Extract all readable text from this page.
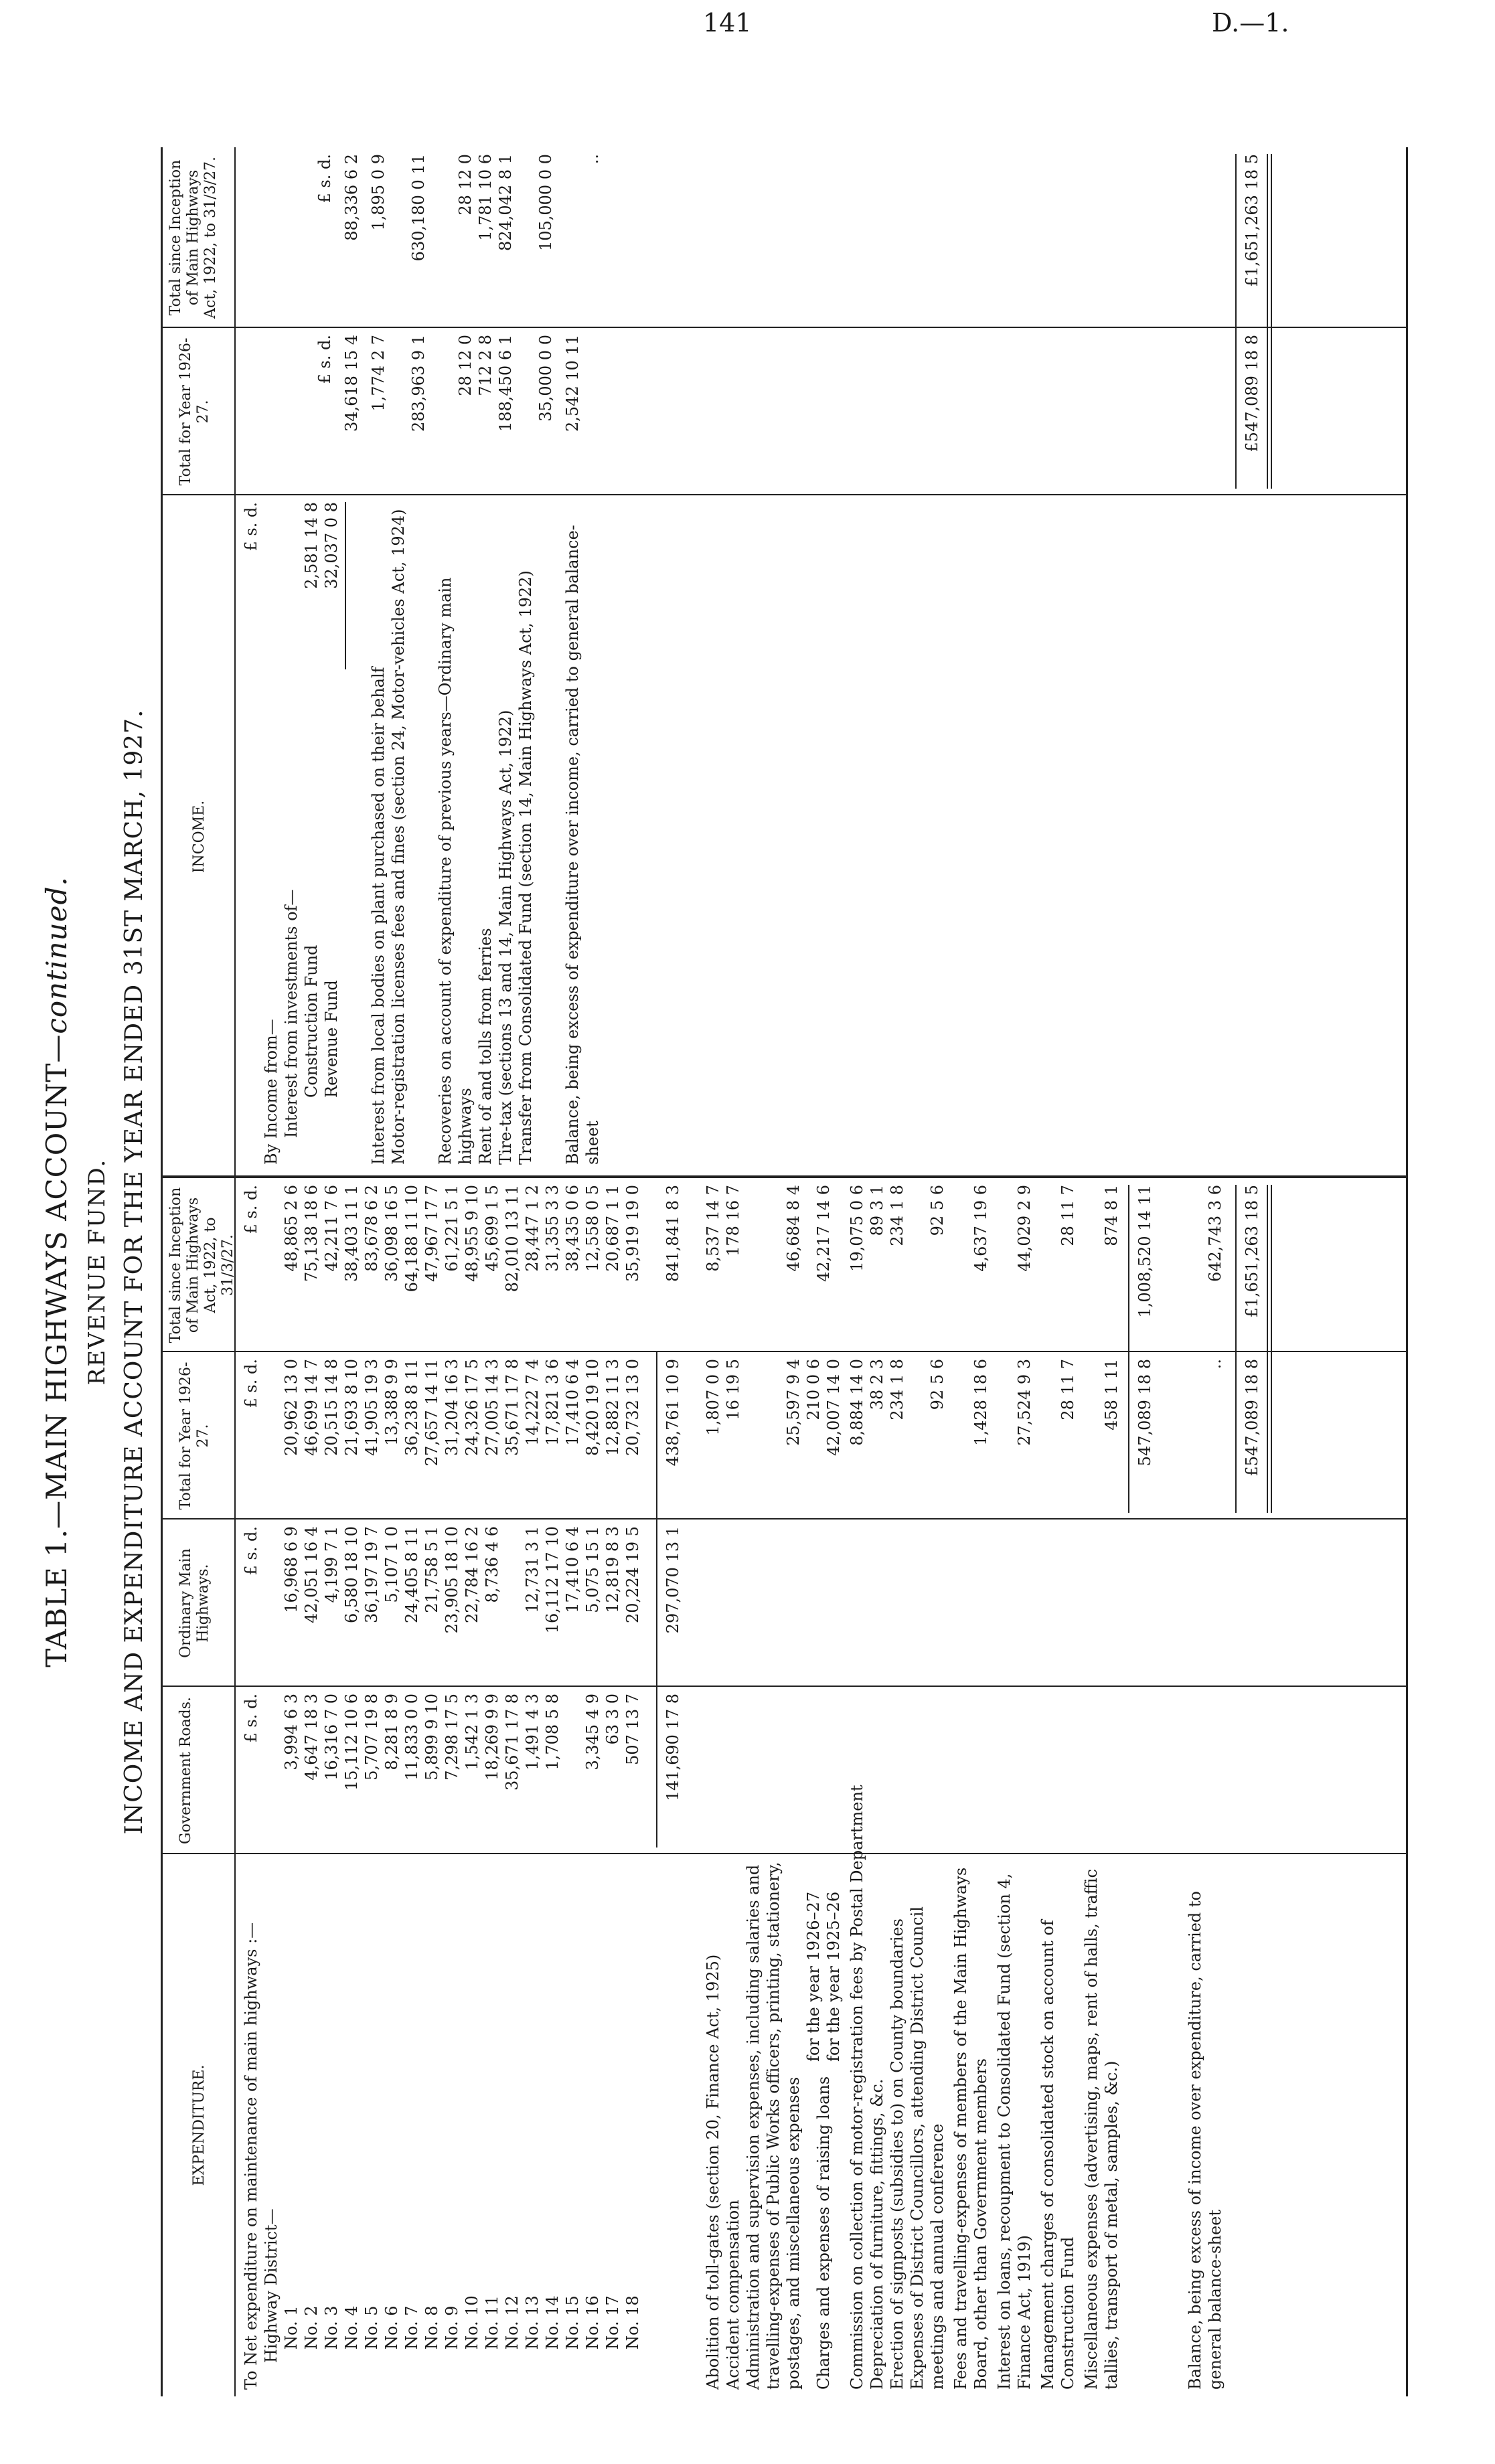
141	D.—1.
TABLE 1.—MAIN HIGHWAYS ACCOUNT—continued.
REVENUE FUND. INCOME AND EXPENDITURE ACCOUNT FOR THE YEAR ENDED 31ST MARCH, 1927.
EXPENDITURE.
Government Roads.
Ordinary Main Highways.
Total for Year 1926-27.
Total since Inception of Main Highways Act, 1922, to 31/3/27.
INCOME.
Total for Year 1926-27.
Total since Inception of Main Highways Act, 1922, to 31/3/27.
£ s. d.
£ s. d.
£ s. d.
£ s. d.
£ s. d.
£ s. d.
£ s. d.
To Net expenditure on maintenance of main highways :— Highway District— No. 1
3,994 6 3
16,968 6 9
20,962 13 0
48,865 2 6
No. 2
4,647 18 3
42,051 16 4
46,699 14 7
75,138 18 6
No. 3
16,316 7 0
4,199 7 1
20,515 14 8
42,211 7 6
No. 4
15,112 10 6
6,580 18 10
21,693 8 10
38,403 11 1
No. 5
5,707 19 8
36,197 19 7
41,905 19 3
83,678 6 2
No. 6
8,281 8 9
5,107 1 0
13,388 9 9
36,098 16 5
No. 7
11,833 0 0
24,405 8 11
36,238 8 11
64,188 11 10
No. 8
5,899 9 10
21,758 5 1
27,657 14 11
47,967 17 7
No. 9
7,298 17 5
23,905 18 10
31,204 16 3
61,221 5 1
No. 10
1,542 1 3
22,784 16 2
24,326 17 5
48,955 9 10
No. 11
18,269 9 9
8,736 4 6
27,005 14 3
45,699 1 5
No. 12
35,671 17 8
35,671 17 8
82,010 13 11
No. 13
1,491 4 3
12,731 3 1
14,222 7 4
28,447 1 2
No. 14
1,708 5 8
16,112 17 10
17,821 3 6
31,355 3 3
No. 15
17,410 6 4
17,410 6 4
38,435 0 6
No. 16
3,345 4 9
5,075 15 1
8,420 19 10
12,558 0 5
No. 17
63 3 0
12,819 8 3
12,882 11 3
20,687 1 1
No. 18
507 13 7
20,224 19 5
20,732 13 0
35,919 19 0
141,690 17 8
297,070 13 1
438,761 10 9
841,841 8 3
Abolition of toll-gates (section 20, Finance Act, 1925)
1,807 0 0
8,537 14 7
Accident compensation
16 19 5
178 16 7
Administration and supervision expenses, including salaries and travelling-expenses of Public Works officers, printing, stationery, postages, and miscellaneous expenses
25,597 9 4
46,684 8 4
Charges and expenses of raising loans
for the year 1926–27 for the year 1925–26
210 0 6 42,007 14 0
42,217 14 6
Commission on collection of motor-registration fees by Postal Department
8,884 14 0
19,075 0 6
Depreciation of furniture, fittings, &c.
38 2 3
89 3 1
Erection of signposts (subsidies to) on County boundaries
234 1 8
234 1 8
Expenses of District Councillors, attending District Council meetings and annual conference
92 5 6
92 5 6
Fees and travelling-expenses of members of the Main Highways Board, other than Government members
1,428 18 6
4,637 19 6
Interest on loans, recoupment to Consolidated Fund (section 4, Finance Act, 1919)
27,524 9 3
44,029 2 9
Management charges of consolidated stock on account of Construction Fund
28 11 7
28 11 7
Miscellaneous expenses (advertising, maps, rent of halls, traffic tallies, transport of metal, samples, &c.)
458 1 11
874 8 1
547,089 18 8
1,008,520 14 11
Balance, being excess of income over expenditure, carried to general balance-sheet
..
642,743 3 6
£547,089 18 8
£1,651,263 18 5
By Income from— Interest from investments of— Construction Fund
2,581 14 8
Revenue Fund
32,037 0 8
34,618 15 4
88,336 6 2
Interest from local bodies on plant purchased on their behalf
1,774 2 7
1,895 0 9
Motor-registration licenses fees and fines (section 24, Motor-vehicles Act, 1924)
283,963 9 1
630,180 0 11
Recoveries on account of expenditure of previous years—Ordinary main highways
28 12 0
28 12 0
Rent of and tolls from ferries
712 2 8
1,781 10 6
Tire-tax (sections 13 and 14, Main Highways Act, 1922)
188,450 6 1
824,042 8 1
Transfer from Consolidated Fund (section 14, Main Highways Act, 1922)
35,000 0 0
105,000 0 0
Balance, being excess of expenditure over income, carried to general balance-sheet
2,542 10 11
..
£547,089 18 8
£1,651,263 18 5
